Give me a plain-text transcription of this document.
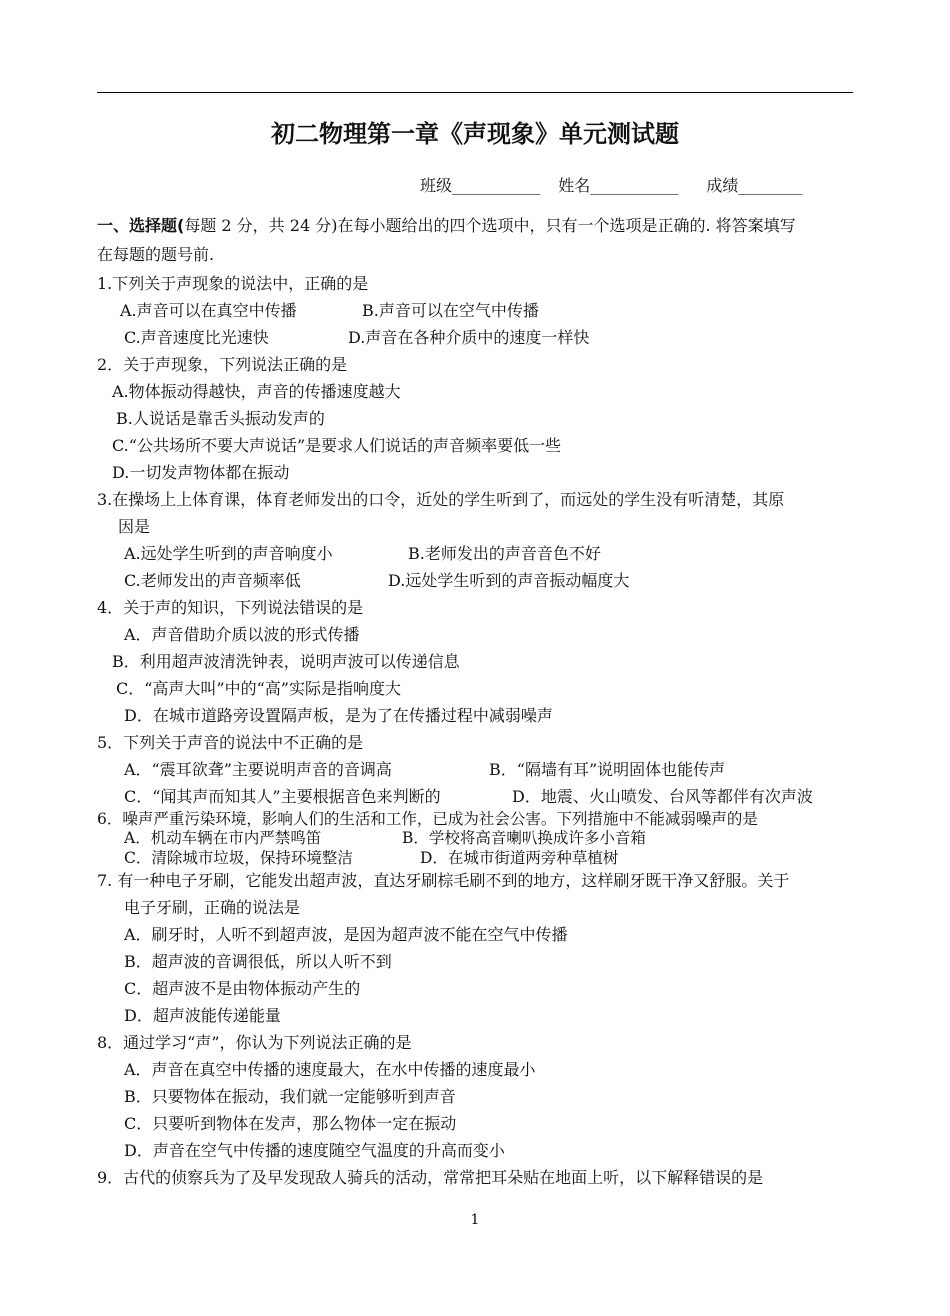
初二物理第一章《声现象》单元测试题
班级___________ 姓名___________ 成绩________
一、选择题(每题 2 分，共 24 分)在每小题给出的四个选项中，只有一个选项是正确的. 将答案填写
在每题的题号前.
1.下列关于声现象的说法中，正确的是
A.声音可以在真空中传播	B.声音可以在空气中传播
C.声音速度比光速快	D.声音在各种介质中的速度一样快
2．关于声现象，下列说法正确的是
A.物体振动得越快，声音的传播速度越大
B.人说话是靠舌头振动发声的
C.“公共场所不要大声说话”是要求人们说话的声音频率要低一些
D.一切发声物体都在振动
3.在操场上上体育课，体育老师发出的口令，近处的学生听到了，而远处的学生没有听清楚，其原
因是
A.远处学生听到的声音响度小	B.老师发出的声音音色不好
C.老师发出的声音频率低	D.远处学生听到的声音振动幅度大
4．关于声的知识，下列说法错误的是
A．声音借助介质以波的形式传播
B．利用超声波清洗钟表，说明声波可以传递信息
C．“高声大叫”中的“高”实际是指响度大
D．在城市道路旁设置隔声板，是为了在传播过程中减弱噪声
5．下列关于声音的说法中不正确的是
A．“震耳欲聋”主要说明声音的音调高	B．“隔墙有耳”说明固体也能传声
C．“闻其声而知其人”主要根据音色来判断的	D．地震、火山喷发、台风等都伴有次声波
6．噪声严重污染环境，影响人们的生活和工作，已成为社会公害。下列措施中不能减弱噪声的是
A．机动车辆在市内严禁鸣笛	B．学校将高音喇叭换成许多小音箱
C．清除城市垃圾，保持环境整洁	D．在城市街道两旁种草植树
7. 有一种电子牙刷，它能发出超声波，直达牙刷棕毛刷不到的地方，这样刷牙既干净又舒服。关于
电子牙刷，正确的说法是
A．刷牙时，人听不到超声波，是因为超声波不能在空气中传播
B．超声波的音调很低，所以人听不到
C．超声波不是由物体振动产生的
D．超声波能传递能量
8．通过学习“声”，你认为下列说法正确的是
A．声音在真空中传播的速度最大，在水中传播的速度最小
B．只要物体在振动，我们就一定能够听到声音
C．只要听到物体在发声，那么物体一定在振动
D．声音在空气中传播的速度随空气温度的升高而变小
9．古代的侦察兵为了及早发现敌人骑兵的活动，常常把耳朵贴在地面上听，以下解释错误的是
1
